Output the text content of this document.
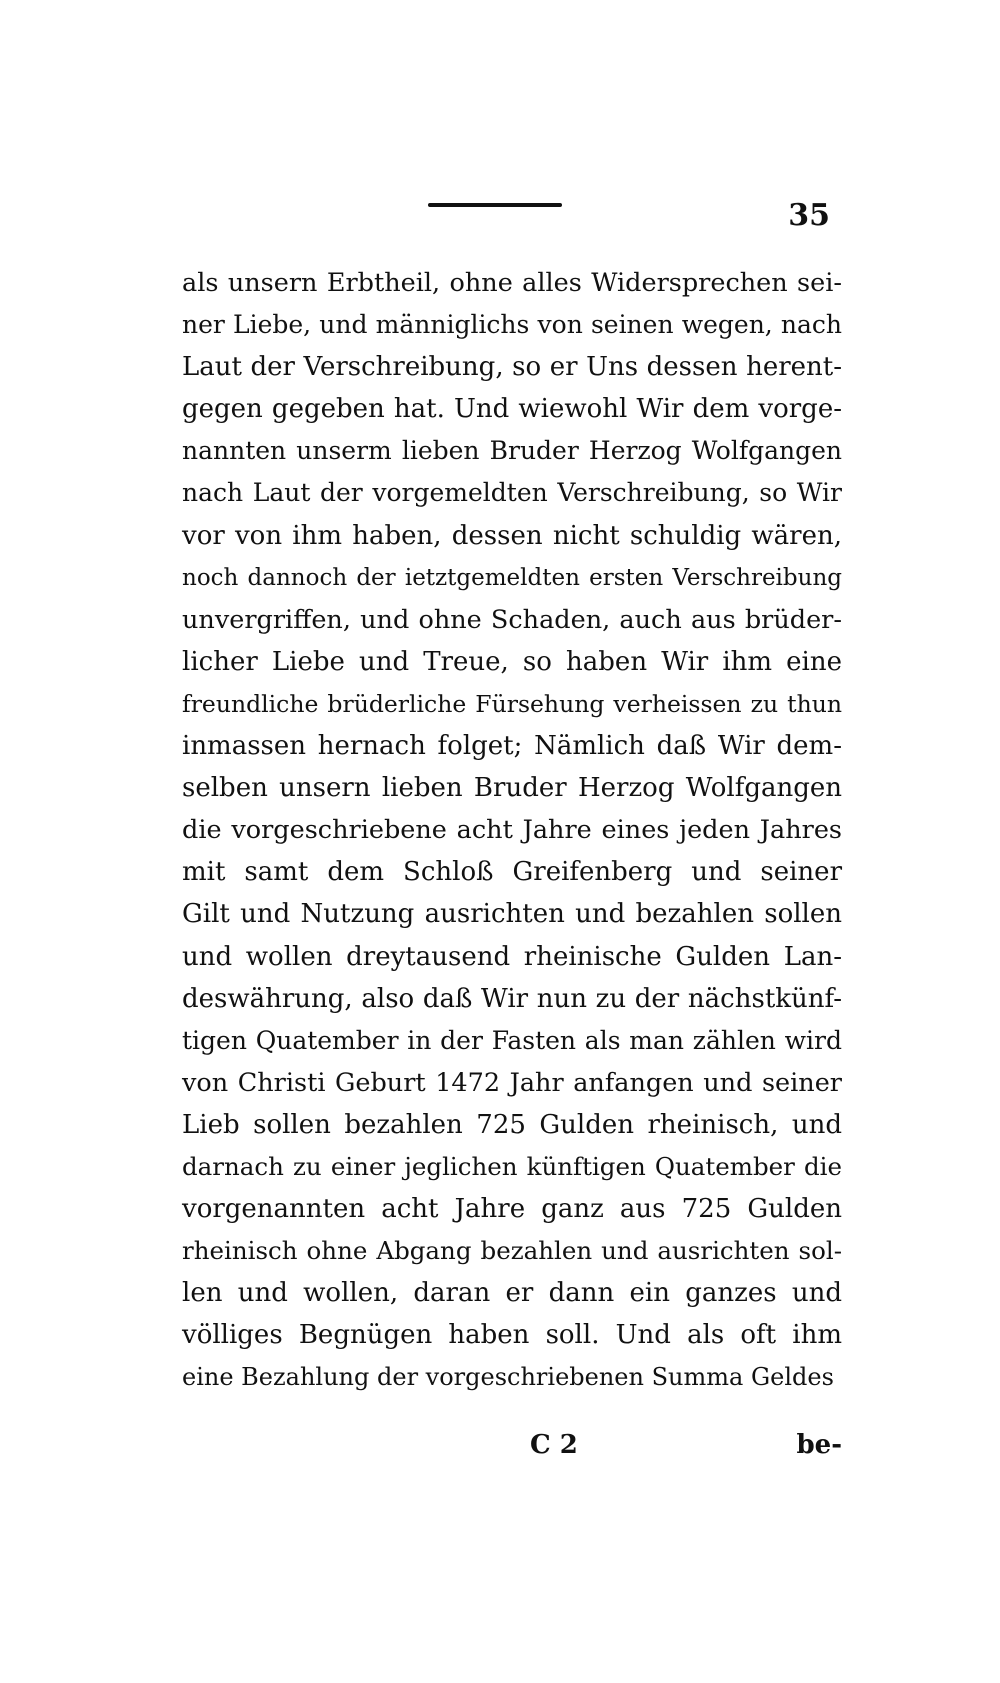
35
als unsern Erbtheil, ohne alles Widersprechen sei-
ner Liebe, und männiglichs von seinen wegen, nach
Laut der Verschreibung, so er Uns dessen herent-
gegen gegeben hat. Und wiewohl Wir dem vorge-
nannten unserm lieben Bruder Herzog Wolfgangen
nach Laut der vorgemeldten Verschreibung, so Wir
vor von ihm haben, dessen nicht schuldig wären,
noch dannoch der ietztgemeldten ersten Verschreibung
unvergriffen, und ohne Schaden, auch aus brüder-
licher Liebe und Treue, so haben Wir ihm eine
freundliche brüderliche Fürsehung verheissen zu thun
inmassen hernach folget; Nämlich daß Wir dem-
selben unsern lieben Bruder Herzog Wolfgangen
die vorgeschriebene acht Jahre eines jeden Jahres
mit samt dem Schloß Greifenberg und seiner
Gilt und Nutzung ausrichten und bezahlen sollen
und wollen dreytausend rheinische Gulden Lan-
deswährung, also daß Wir nun zu der nächstkünf-
tigen Quatember in der Fasten als man zählen wird
von Christi Geburt 1472 Jahr anfangen und seiner
Lieb sollen bezahlen 725 Gulden rheinisch, und
darnach zu einer jeglichen künftigen Quatember die
vorgenannten acht Jahre ganz aus 725 Gulden
rheinisch ohne Abgang bezahlen und ausrichten sol-
len und wollen, daran er dann ein ganzes und
völliges Begnügen haben soll. Und als oft ihm
eine Bezahlung der vorgeschriebenen Summa Geldes
C 2	be-
